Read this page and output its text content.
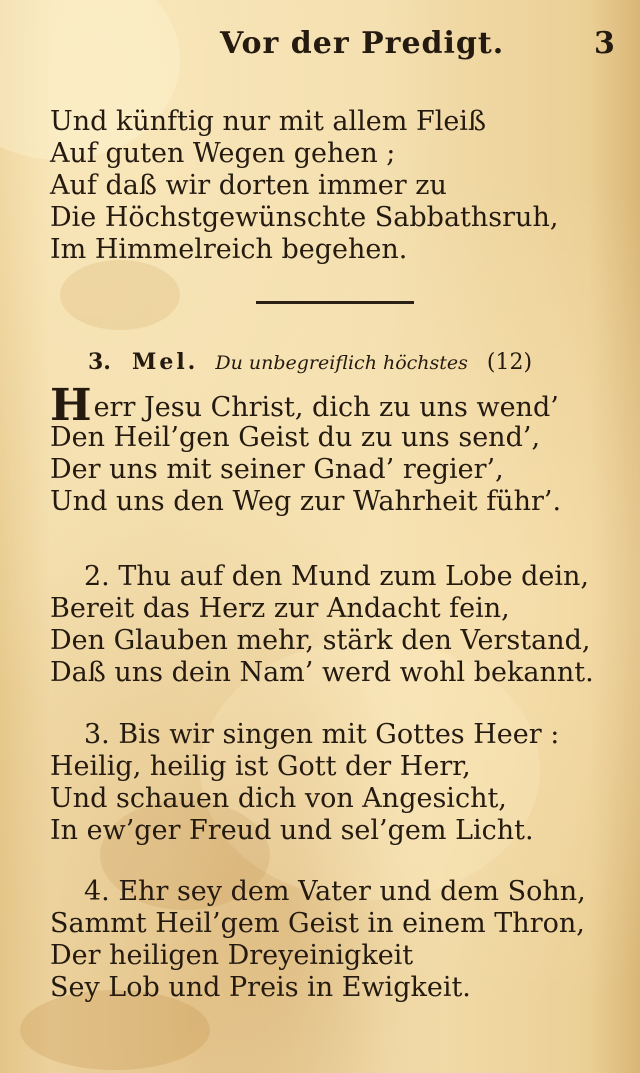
Vor der Predigt.	3
Und künftig nur mit allem Fleiß
Auf guten Wegen gehen ;
Auf daß wir dorten immer zu
Die Höchstgewünschte Sabbathsruh,
Im Himmelreich begehen.
3. Mel. Du unbegreiflich höchstes (12)
Herr Jesu Christ, dich zu uns wend’
Den Heil’gen Geist du zu uns send’,
Der uns mit seiner Gnad’ regier’,
Und uns den Weg zur Wahrheit führ’.
2. Thu auf den Mund zum Lobe dein,
Bereit das Herz zur Andacht fein,
Den Glauben mehr, stärk den Verstand,
Daß uns dein Nam’ werd wohl bekannt.
3. Bis wir singen mit Gottes Heer :
Heilig, heilig ist Gott der Herr,
Und schauen dich von Angesicht,
In ew’ger Freud und sel’gem Licht.
4. Ehr sey dem Vater und dem Sohn,
Sammt Heil’gem Geist in einem Thron,
Der heiligen Dreyeinigkeit
Sey Lob und Preis in Ewigkeit.
